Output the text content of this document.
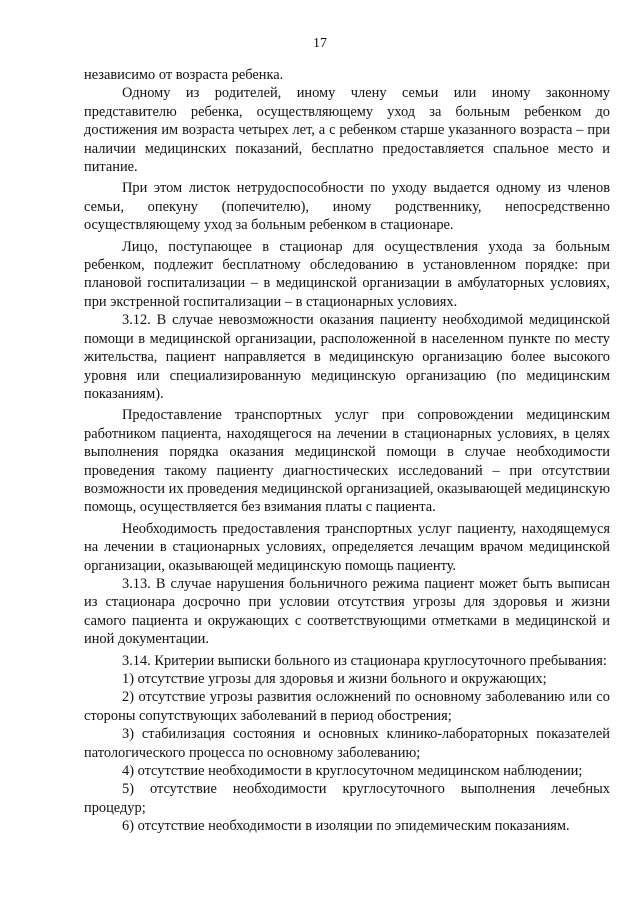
17

независимо от возраста ребенка.

Одному из родителей, иному члену семьи или иному законному представителю ребенка, осуществляющему уход за больным ребенком до достижения им возраста четырех лет, а с ребенком старше указанного возраста – при наличии медицинских показаний, бесплатно предоставляется спальное место и питание.

При этом листок нетрудоспособности по уходу выдается одному из членов семьи, опекуну (попечителю), иному родственнику, непосредственно осуществляющему уход за больным ребенком в стационаре.

Лицо, поступающее в стационар для осуществления ухода за больным ребенком, подлежит бесплатному обследованию в установленном порядке: при плановой госпитализации – в медицинской организации в амбулаторных условиях, при экстренной госпитализации – в стационарных условиях.

3.12. В случае невозможности оказания пациенту необходимой медицинской помощи в медицинской организации, расположенной в населенном пункте по месту жительства, пациент направляется в медицинскую организацию более высокого уровня или специализированную медицинскую организацию (по медицинским показаниям).

Предоставление транспортных услуг при сопровождении медицинским работником пациента, находящегося на лечении в стационарных условиях, в целях выполнения порядка оказания медицинской помощи в случае необходимости проведения такому пациенту диагностических исследований – при отсутствии возможности их проведения медицинской организацией, оказывающей медицинскую помощь, осуществляется без взимания платы с пациента.

Необходимость предоставления транспортных услуг пациенту, находящемуся на лечении в стационарных условиях, определяется лечащим врачом медицинской организации, оказывающей медицинскую помощь пациенту.

3.13. В случае нарушения больничного режима пациент может быть выписан из стационара досрочно при условии отсутствия угрозы для здоровья и жизни самого пациента и окружающих с соответствующими отметками в медицинской и иной документации.

3.14. Критерии выписки больного из стационара круглосуточного пребывания:

1) отсутствие угрозы для здоровья и жизни больного и окружающих;

2) отсутствие угрозы развития осложнений по основному заболеванию или со стороны сопутствующих заболеваний в период обострения;

3) стабилизация состояния и основных клинико-лабораторных показателей патологического процесса по основному заболеванию;

4) отсутствие необходимости в круглосуточном медицинском наблюдении;

5) отсутствие необходимости круглосуточного выполнения лечебных процедур;

6) отсутствие необходимости в изоляции по эпидемическим показаниям.
